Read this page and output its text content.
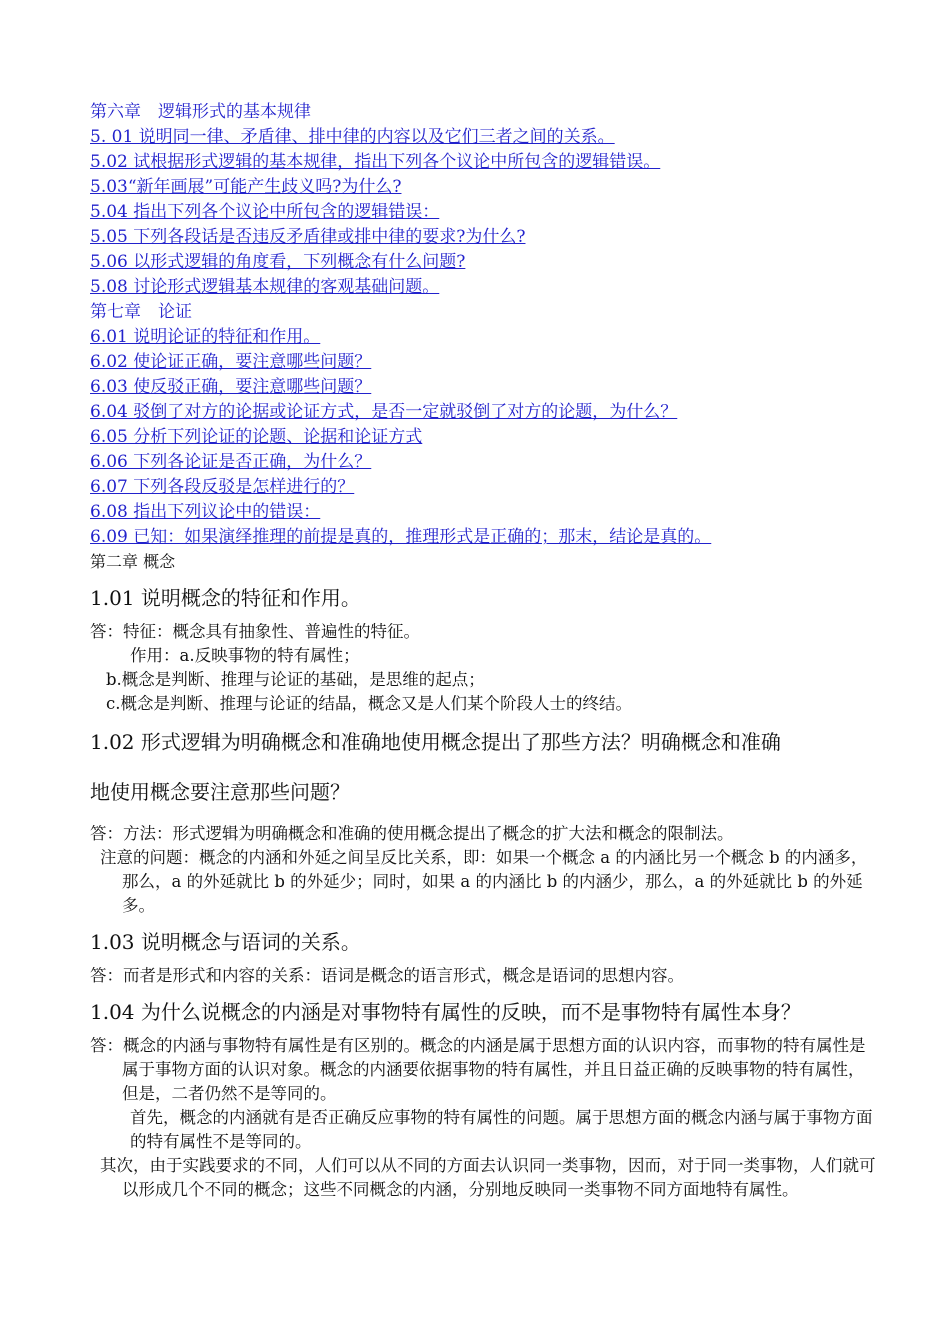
第六章　逻辑形式的基本规律
5. 01 说明同一律、矛盾律、排中律的内容以及它们三者之间的关系。
5.02 试根据形式逻辑的基本规律，指出下列各个议论中所包含的逻辑错误。
5.03“新年画展”可能产生歧义吗?为什么?
5.04 指出下列各个议论中所包含的逻辑错误：
5.05 下列各段话是否违反矛盾律或排中律的要求?为什么?
5.06 以形式逻辑的角度看，下列概念有什么问题?
5.08 讨论形式逻辑基本规律的客观基础问题。
第七章　论证
6.01 说明论证的特征和作用。
6.02 使论证正确，要注意哪些问题？
6.03 使反驳正确，要注意哪些问题？
6.04 驳倒了对方的论据或论证方式，是否一定就驳倒了对方的论题，为什么？
6.05 分析下列论证的论题、论据和论证方式
6.06 下列各论证是否正确，为什么？
6.07 下列各段反驳是怎样进行的？
6.08 指出下列议论中的错误：
6.09 已知：如果演绎推理的前提是真的，推理形式是正确的；那末，结论是真的。
第二章 概念
1.01 说明概念的特征和作用。

答：特征：概念具有抽象性、普遍性的特征。

作用：a.反映事物的特有属性；

b.概念是判断、推理与论证的基础，是思维的起点；

c.概念是判断、推理与论证的结晶，概念又是人们某个阶段人士的终结。

1.02 形式逻辑为明确概念和准确地使用概念提出了那些方法？明确概念和准确
地使用概念要注意那些问题？

答：方法：形式逻辑为明确概念和准确的使用概念提出了概念的扩大法和概念的限制法。

注意的问题：概念的内涵和外延之间呈反比关系，即：如果一个概念 a 的内涵比另一个概念 b 的内涵多，那么，a 的外延就比 b 的外延少；同时，如果 a 的内涵比 b 的内涵少，那么，a 的外延就比 b 的外延多。

1.03 说明概念与语词的关系。

答：而者是形式和内容的关系：语词是概念的语言形式，概念是语词的思想内容。

1.04 为什么说概念的内涵是对事物特有属性的反映，而不是事物特有属性本身？

答：概念的内涵与事物特有属性是有区别的。概念的内涵是属于思想方面的认识内容，而事物的特有属性是属于事物方面的认识对象。概念的内涵要依据事物的特有属性，并且日益正确的反映事物的特有属性，但是，二者仍然不是等同的。

首先，概念的内涵就有是否正确反应事物的特有属性的问题。属于思想方面的概念内涵与属于事物方面的特有属性不是等同的。

其次，由于实践要求的不同，人们可以从不同的方面去认识同一类事物，因而，对于同一类事物，人们就可以形成几个不同的概念；这些不同概念的内涵，分别地反映同一类事物不同方面地特有属性。
